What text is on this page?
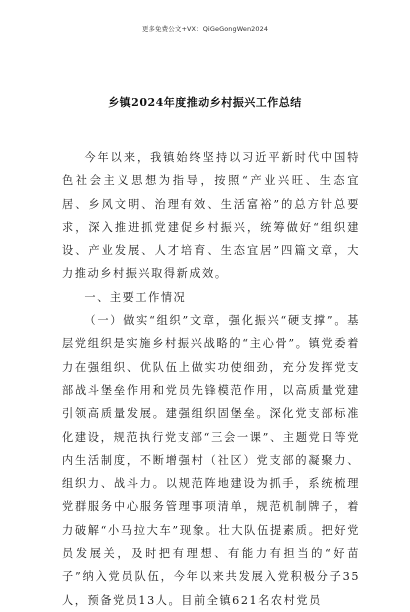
更多免费公文+VX：QiGeGongWen2024
乡镇2024年度推动乡村振兴工作总结

今年以来，我镇始终坚持以习近平新时代中国特色社会主义思想为指导，按照“产业兴旺、生态宜居、乡风文明、治理有效、生活富裕”的总方针总要求，深入推进抓党建促乡村振兴，统筹做好“组织建设、产业发展、人才培育、生态宜居”四篇文章，大力推动乡村振兴取得新成效。

一、主要工作情况

（一）做实“组织”文章，强化振兴“硬支撑”。基层党组织是实施乡村振兴战略的“主心骨”。镇党委着力在强组织、优队伍上做实功使细劲，充分发挥党支部战斗堡垒作用和党员先锋模范作用，以高质量党建引领高质量发展。建强组织固堡垒。深化党支部标准化建设，规范执行党支部“三会一课”、主题党日等党内生活制度，不断增强村（社区）党支部的凝聚力、组织力、战斗力。以规范阵地建设为抓手，系统梳理党群服务中心服务管理事项清单，规范机制牌子，着力破解“小马拉大车”现象。壮大队伍提素质。把好党员发展关，及时把有理想、有能力有担当的“好苗子”纳入党员队伍，今年以来共发展入党积极分子35人，预备党员13人。目前全镇621名农村党员
